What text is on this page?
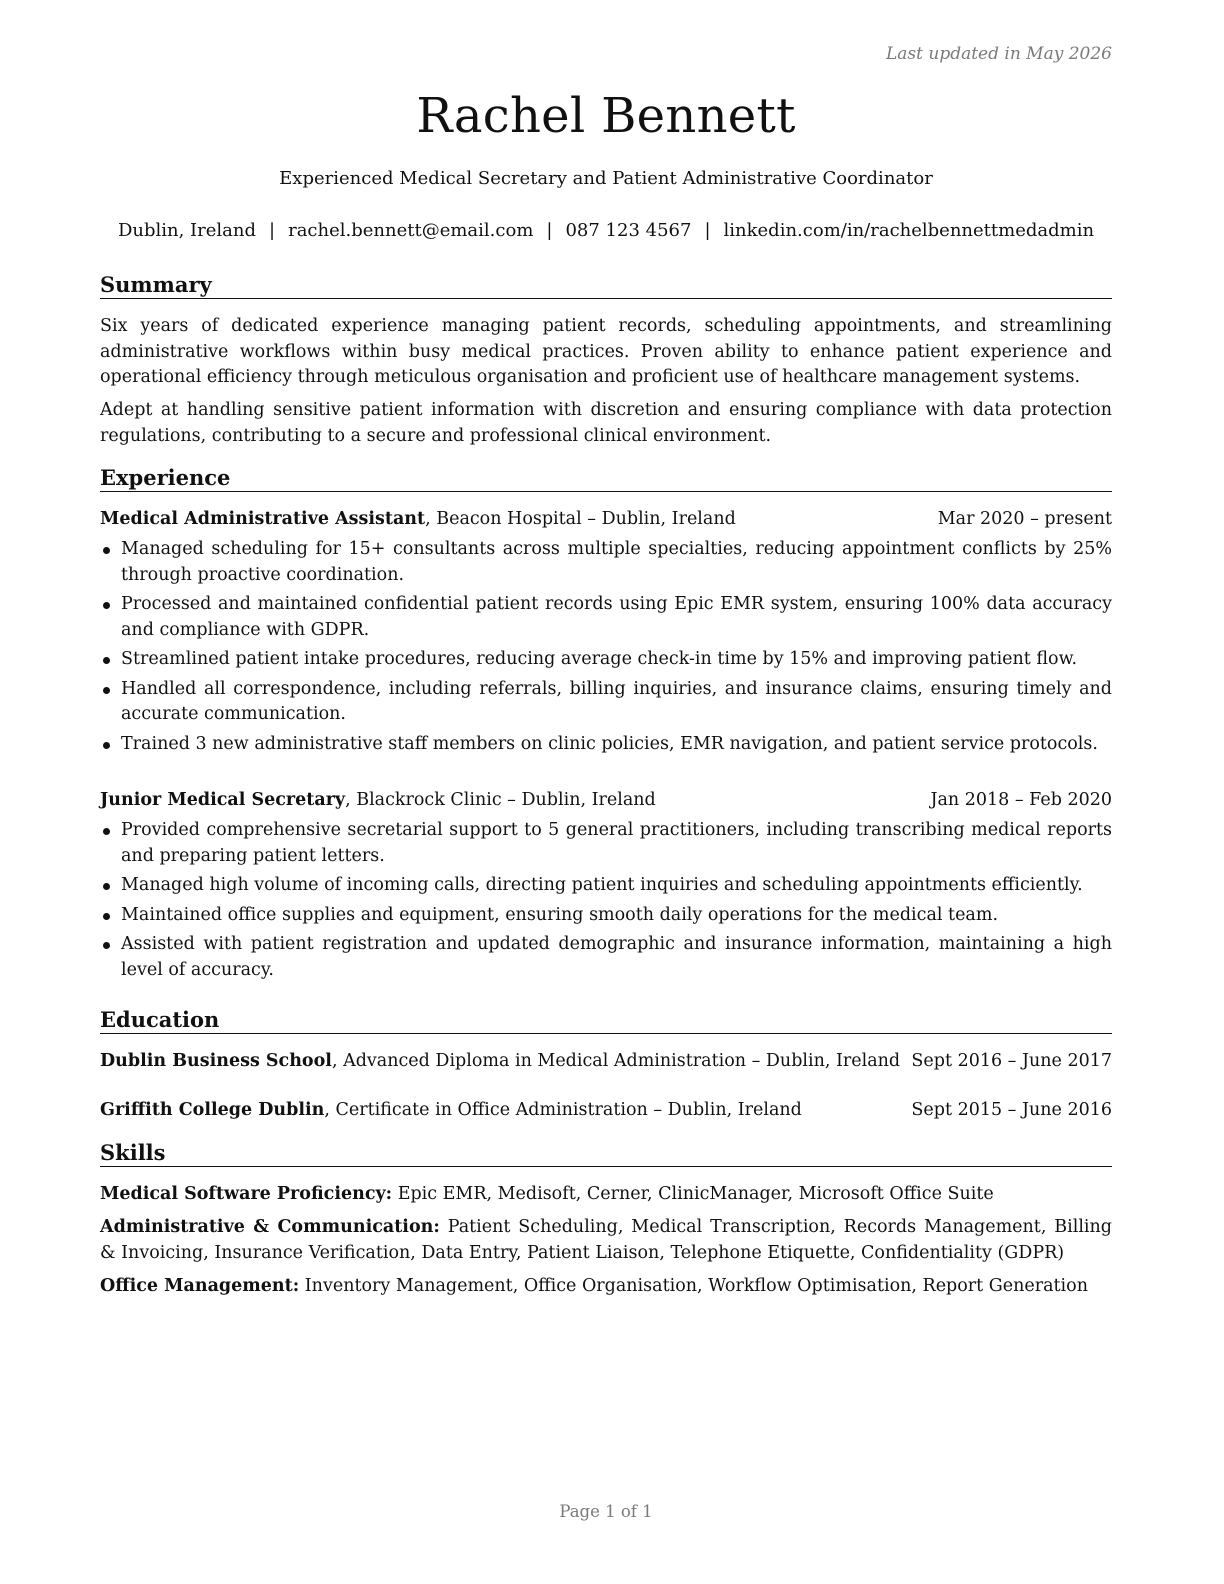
Last updated in May 2026
Rachel Bennett
Experienced Medical Secretary and Patient Administrative Coordinator
Dublin, Ireland | rachel.bennett@email.com | 087 123 4567 | linkedin.com/in/rachelbennettmedadmin
Summary
Six years of dedicated experience managing patient records, scheduling appointments, and streamlining administrative workflows within busy medical practices. Proven ability to enhance patient experience and operational efficiency through meticulous organisation and proficient use of healthcare management systems.
Adept at handling sensitive patient information with discretion and ensuring compliance with data protection regulations, contributing to a secure and professional clinical environment.
Experience
Medical Administrative Assistant, Beacon Hospital – Dublin, Ireland	Mar 2020 – present
Managed scheduling for 15+ consultants across multiple specialties, reducing appointment conflicts by 25% through proactive coordination.
Processed and maintained confidential patient records using Epic EMR system, ensuring 100% data accuracy and compliance with GDPR.
Streamlined patient intake procedures, reducing average check-in time by 15% and improving patient flow.
Handled all correspondence, including referrals, billing inquiries, and insurance claims, ensuring timely and accurate communication.
Trained 3 new administrative staff members on clinic policies, EMR navigation, and patient service protocols.
Junior Medical Secretary, Blackrock Clinic – Dublin, Ireland	Jan 2018 – Feb 2020
Provided comprehensive secretarial support to 5 general practitioners, including transcribing medical reports and preparing patient letters.
Managed high volume of incoming calls, directing patient inquiries and scheduling appointments efficiently.
Maintained office supplies and equipment, ensuring smooth daily operations for the medical team.
Assisted with patient registration and updated demographic and insurance information, maintaining a high level of accuracy.
Education
Dublin Business School, Advanced Diploma in Medical Administration – Dublin, Ireland Sept 2016 – June 2017
Griffith College Dublin, Certificate in Office Administration – Dublin, Ireland	Sept 2015 – June 2016
Skills
Medical Software Proficiency: Epic EMR, Medisoft, Cerner, ClinicManager, Microsoft Office Suite
Administrative & Communication: Patient Scheduling, Medical Transcription, Records Management, Billing & Invoicing, Insurance Verification, Data Entry, Patient Liaison, Telephone Etiquette, Confidentiality (GDPR)
Office Management: Inventory Management, Office Organisation, Workflow Optimisation, Report Generation
Page 1 of 1
